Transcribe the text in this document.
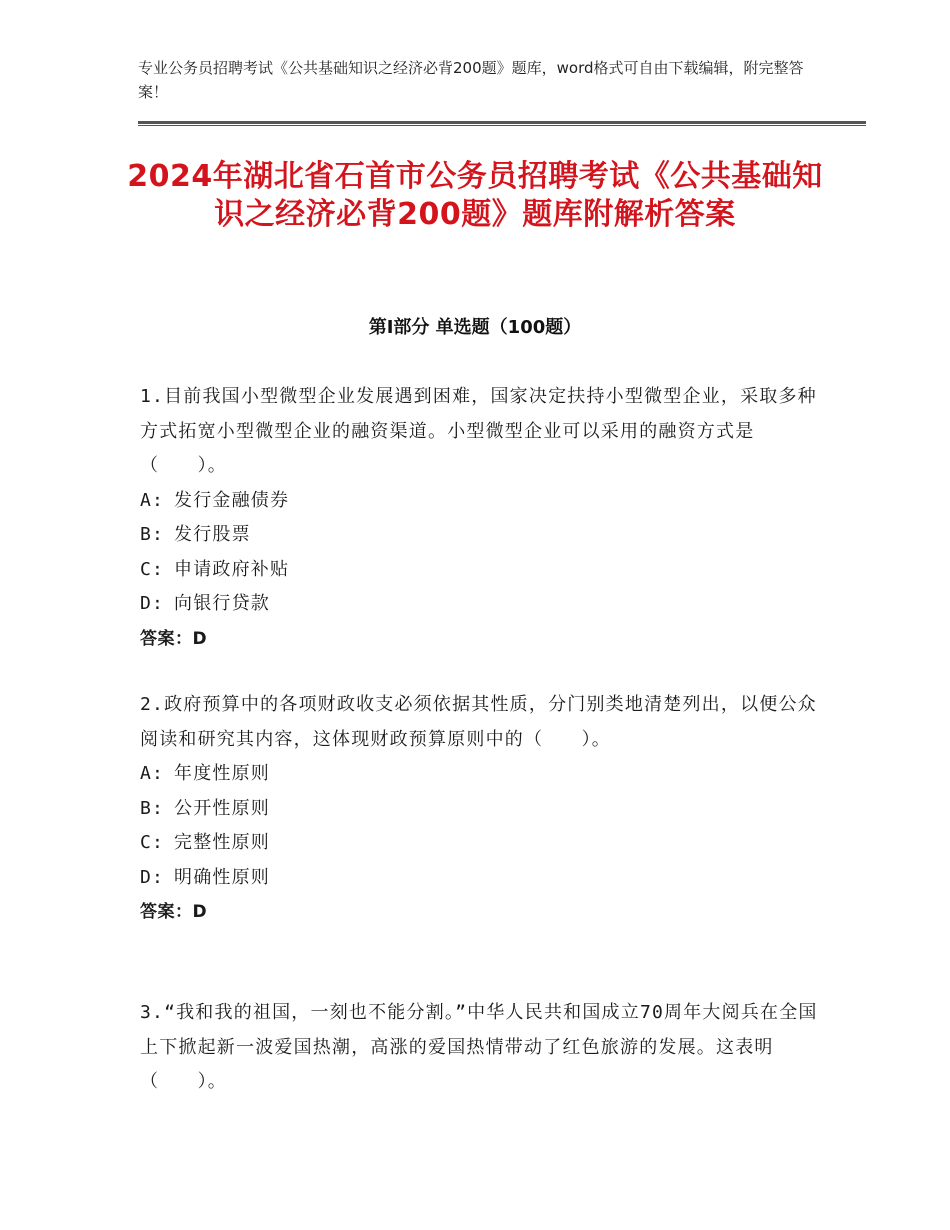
专业公务员招聘考试《公共基础知识之经济必背200题》题库，word格式可自由下载编辑，附完整答案！
2024年湖北省石首市公务员招聘考试《公共基础知识之经济必背200题》题库附解析答案
第Ⅰ部分 单选题（100题）
1.目前我国小型微型企业发展遇到困难，国家决定扶持小型微型企业，采取多种方式拓宽小型微型企业的融资渠道。小型微型企业可以采用的融资方式是（　　）。
A: 发行金融债券
B: 发行股票
C: 申请政府补贴
D: 向银行贷款
答案：D
2.政府预算中的各项财政收支必须依据其性质，分门别类地清楚列出，以便公众阅读和研究其内容，这体现财政预算原则中的（　　）。
A: 年度性原则
B: 公开性原则
C: 完整性原则
D: 明确性原则
答案：D
3.“我和我的祖国，一刻也不能分割。”中华人民共和国成立70周年大阅兵在全国上下掀起新一波爱国热潮，高涨的爱国热情带动了红色旅游的发展。这表明（　　）。
